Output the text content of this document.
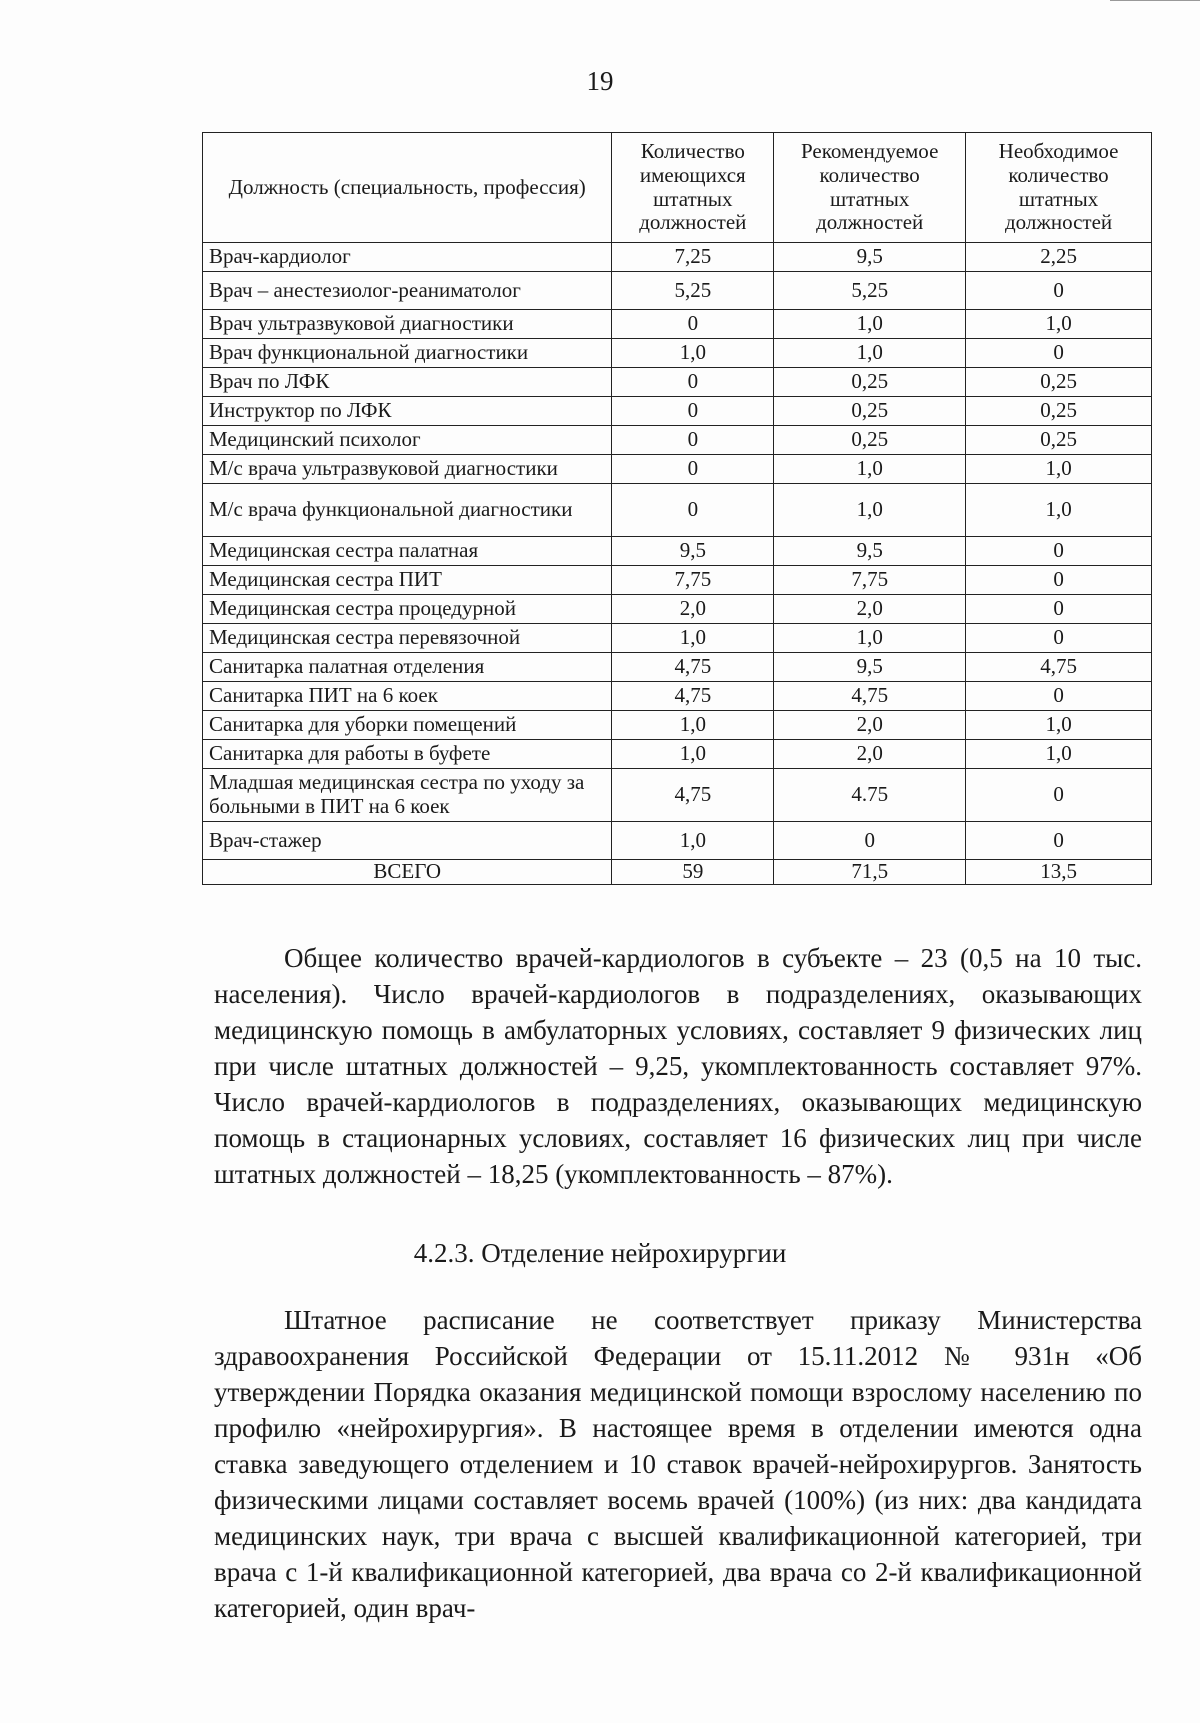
19
Должность (специальность, профессия)	Количество имеющихся штатных должностей	Рекомендуемое количество штатных должностей	Необходимое количество штатных должностей
Врач-кардиолог	7,25	9,5	2,25
Врач – анестезиолог-реаниматолог	5,25	5,25	0
Врач ультразвуковой диагностики	0	1,0	1,0
Врач функциональной диагностики	1,0	1,0	0
Врач по ЛФК	0	0,25	0,25
Инструктор по ЛФК	0	0,25	0,25
Медицинский психолог	0	0,25	0,25
М/с врача ультразвуковой диагностики	0	1,0	1,0
М/с врача функциональной диагностики	0	1,0	1,0
Медицинская сестра палатная	9,5	9,5	0
Медицинская сестра ПИТ	7,75	7,75	0
Медицинская сестра процедурной	2,0	2,0	0
Медицинская сестра перевязочной	1,0	1,0	0
Санитарка палатная отделения	4,75	9,5	4,75
Санитарка ПИТ на 6 коек	4,75	4,75	0
Санитарка для уборки помещений	1,0	2,0	1,0
Санитарка для работы в буфете	1,0	2,0	1,0
Младшая медицинская сестра по уходу за больными в ПИТ на 6 коек	4,75	4.75	0
Врач-стажер	1,0	0	0
ВСЕГО	59	71,5	13,5

Общее количество врачей-кардиологов в субъекте – 23 (0,5 на 10 тыс. населения). Число врачей-кардиологов в подразделениях, оказывающих медицинскую помощь в амбулаторных условиях, составляет 9 физических лиц при числе штатных должностей – 9,25, укомплектованность составляет 97%. Число врачей-кардиологов в подразделениях, оказывающих медицинскую помощь в стационарных условиях, составляет 16 физических лиц при числе штатных должностей – 18,25 (укомплектованность – 87%).

4.2.3. Отделение нейрохирургии

Штатное расписание не соответствует приказу Министерства здравоохранения Российской Федерации от 15.11.2012 № 931н «Об утверждении Порядка оказания медицинской помощи взрослому населению по профилю «нейрохирургия». В настоящее время в отделении имеются одна ставка заведующего отделением и 10 ставок врачей-нейрохирургов. Занятость физическими лицами составляет восемь врачей (100%) (из них: два кандидата медицинских наук, три врача с высшей квалификационной категорией, три врача с 1-й квалификационной категорией, два врача со 2-й квалификационной категорией, один врач-
